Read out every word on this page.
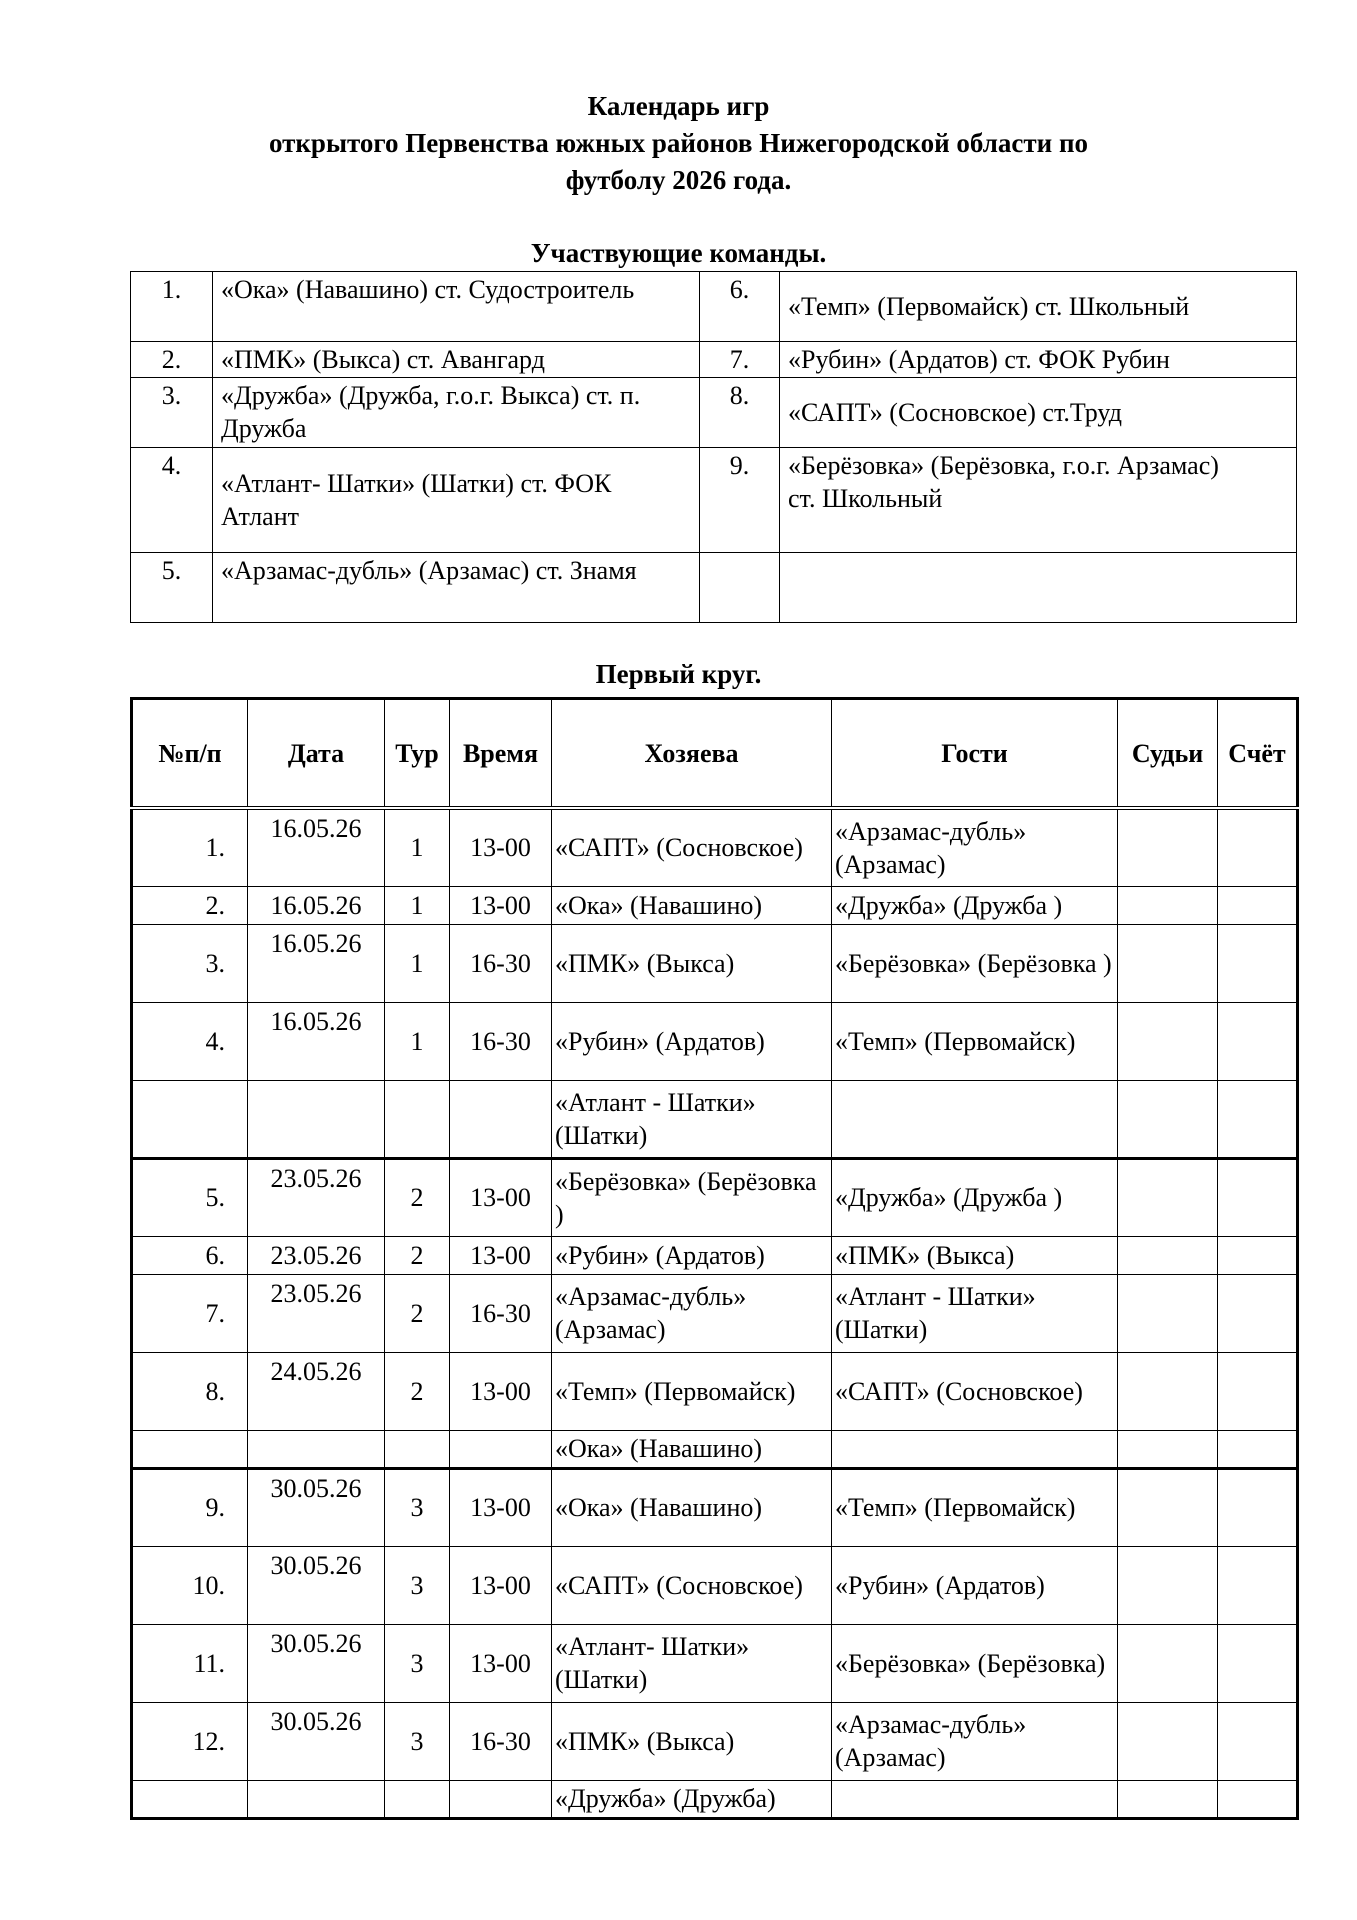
Календарь игр
открытого Первенства южных районов Нижегородской области по
футболу 2026 года.
Участвующие команды.
1.	«Ока» (Навашино) ст. Судостроитель	6.	«Темп» (Первомайск) ст. Школьный
2.	«ПМК» (Выкса) ст. Авангард	7.	«Рубин» (Ардатов) ст. ФОК Рубин
3.	«Дружба» (Дружба, г.о.г. Выкса) ст. п. Дружба	8.	«САПТ» (Сосновское) ст.Труд
4.	«Атлант- Шатки» (Шатки) ст. ФОК Атлант	9.	«Берёзовка» (Берёзовка, г.о.г. Арзамас)
ст. Школьный

5.	«Арзамас-дубль» (Арзамас) ст. Знамя		
Первый круг.
№п/п	Дата	Тур	Время	Хозяева	Гости	Судьи	Счёт
1.	16.05.26	1	13-00	«САПТ» (Сосновское)	«Арзамас-дубль» (Арзамас)		
2.	16.05.26	1	13-00	«Ока» (Навашино)	«Дружба» (Дружба )		
3.	16.05.26	1	16-30	«ПМК» (Выкса)	«Берёзовка» (Берёзовка )		
4.	16.05.26	1	16-30	«Рубин» (Ардатов)	«Темп» (Первомайск)		
				«Атлант - Шатки» (Шатки)			
5.	23.05.26	2	13-00	«Берёзовка» (Берёзовка )	«Дружба» (Дружба )		
6.	23.05.26	2	13-00	«Рубин» (Ардатов)	«ПМК» (Выкса)		
7.	23.05.26	2	16-30	«Арзамас-дубль» (Арзамас)	«Атлант - Шатки» (Шатки)		
8.	24.05.26	2	13-00	«Темп» (Первомайск)	«САПТ» (Сосновское)		
				«Ока» (Навашино)			
9.	30.05.26	3	13-00	«Ока» (Навашино)	«Темп» (Первомайск)		
10.	30.05.26	3	13-00	«САПТ» (Сосновское)	«Рубин» (Ардатов)		
11.	30.05.26	3	13-00	«Атлант- Шатки» (Шатки)	«Берёзовка» (Берёзовка)		
12.	30.05.26	3	16-30	«ПМК» (Выкса)	«Арзамас-дубль» (Арзамас)		
				«Дружба» (Дружба)			
